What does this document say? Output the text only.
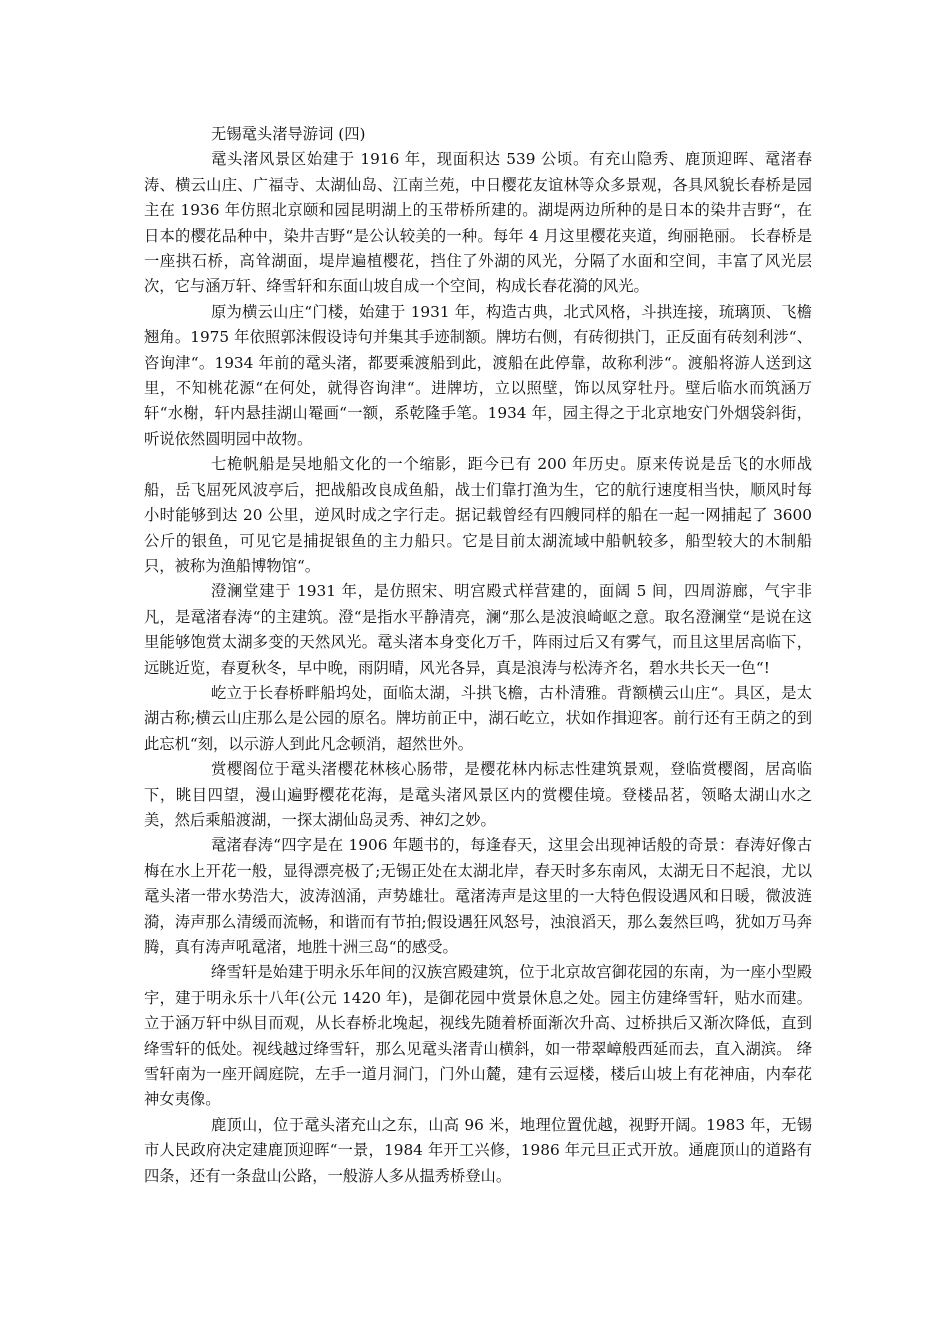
无锡鼋头渚导游词 (四)

鼋头渚风景区始建于 1916 年，现面积达 539 公顷。有充山隐秀、鹿顶迎晖、鼋渚春涛、横云山庄、广福寺、太湖仙岛、江南兰苑，中日樱花友谊林等众多景观，各具风貌长春桥是园主在 1936 年仿照北京颐和园昆明湖上的玉带桥所建的。湖堤两边所种的是日本的染井吉野“，在日本的樱花品种中，染井吉野“是公认较美的一种。每年 4 月这里樱花夹道，绚丽艳丽。 长春桥是一座拱石桥，高耸湖面，堤岸遍植樱花，挡住了外湖的风光，分隔了水面和空间，丰富了风光层次，它与涵万轩、绛雪轩和东面山坡自成一个空间，构成长春花漪的风光。

原为横云山庄“门楼，始建于 1931 年，构造古典，北式风格，斗拱连接，琉璃顶、飞檐翘角。1975 年依照郭沫假设诗句并集其手迹制额。牌坊右侧，有砖彻拱门，正反面有砖刻利涉“、咨询津“。1934 年前的鼋头渚，都要乘渡船到此，渡船在此停靠，故称利涉“。渡船将游人送到这里，不知桃花源“在何处，就得咨询津“。进牌坊，立以照壁，饰以凤穿牡丹。壁后临水而筑涵万轩“水榭，轩内悬挂湖山罨画“一额，系乾隆手笔。1934 年，园主得之于北京地安门外烟袋斜街，听说依然圆明园中故物。

七桅帆船是吴地船文化的一个缩影，距今已有 200 年历史。原来传说是岳飞的水师战船，岳飞屈死风波亭后，把战船改良成鱼船，战士们靠打渔为生，它的航行速度相当快，顺风时每小时能够到达 20 公里，逆风时成之字行走。据记载曾经有四艘同样的船在一起一网捕起了 3600 公斤的银鱼，可见它是捕捉银鱼的主力船只。它是目前太湖流域中船帆较多，船型较大的木制船只，被称为渔船博物馆“。

澄澜堂建于 1931 年，是仿照宋、明宫殿式样营建的，面阔 5 间，四周游廊，气宇非凡，是鼋渚春涛“的主建筑。澄“是指水平静清亮，澜“那么是波浪崎岖之意。取名澄澜堂“是说在这里能够饱赏太湖多变的天然风光。鼋头渚本身变化万千，阵雨过后又有雾气，而且这里居高临下，远眺近览，春夏秋冬，早中晚，雨阴晴，风光各异，真是浪涛与松涛齐名，碧水共长天一色“!

屹立于长春桥畔船坞处，面临太湖，斗拱飞檐，古朴清雅。背额横云山庄“。具区，是太湖古称;横云山庄那么是公园的原名。牌坊前正中，湖石屹立，状如作揖迎客。前行还有王荫之的到此忘机“刻，以示游人到此凡念顿消，超然世外。

赏樱阁位于鼋头渚樱花林核心肠带，是樱花林内标志性建筑景观，登临赏樱阁，居高临下，眺目四望，漫山遍野樱花花海，是鼋头渚风景区内的赏樱佳境。登楼品茗，领略太湖山水之美，然后乘船渡湖，一探太湖仙岛灵秀、神幻之妙。

鼋渚春涛“四字是在 1906 年题书的，每逢春天，这里会出现神话般的奇景：春涛好像古梅在水上开花一般，显得漂亮极了;无锡正处在太湖北岸，春天时多东南风，太湖无日不起浪，尤以鼋头渚一带水势浩大，波涛汹涌，声势雄壮。鼋渚涛声是这里的一大特色假设遇风和日暖，微波涟漪，涛声那么清缓而流畅，和谐而有节拍;假设遇狂风怒号，浊浪滔天，那么轰然巨鸣，犹如万马奔腾，真有涛声吼鼋渚，地胜十洲三岛“的感受。

绛雪轩是始建于明永乐年间的汉族宫殿建筑，位于北京故宫御花园的东南，为一座小型殿宇，建于明永乐十八年(公元 1420 年)，是御花园中赏景休息之处。园主仿建绛雪轩，贴水而建。立于涵万轩中纵目而观，从长春桥北堍起，视线先随着桥面渐次升高、过桥拱后又渐次降低，直到绛雪轩的低处。视线越过绛雪轩，那么见鼋头渚青山横斜，如一带翠嶂般西延而去，直入湖滨。 绛雪轩南为一座开阔庭院，左手一道月洞门，门外山麓，建有云逗楼，楼后山坡上有花神庙，内奉花神女夷像。

鹿顶山，位于鼋头渚充山之东，山高 96 米，地理位置优越，视野开阔。1983 年，无锡市人民政府决定建鹿顶迎晖“一景，1984 年开工兴修，1986 年元旦正式开放。通鹿顶山的道路有四条，还有一条盘山公路，一般游人多从揾秀桥登山。
